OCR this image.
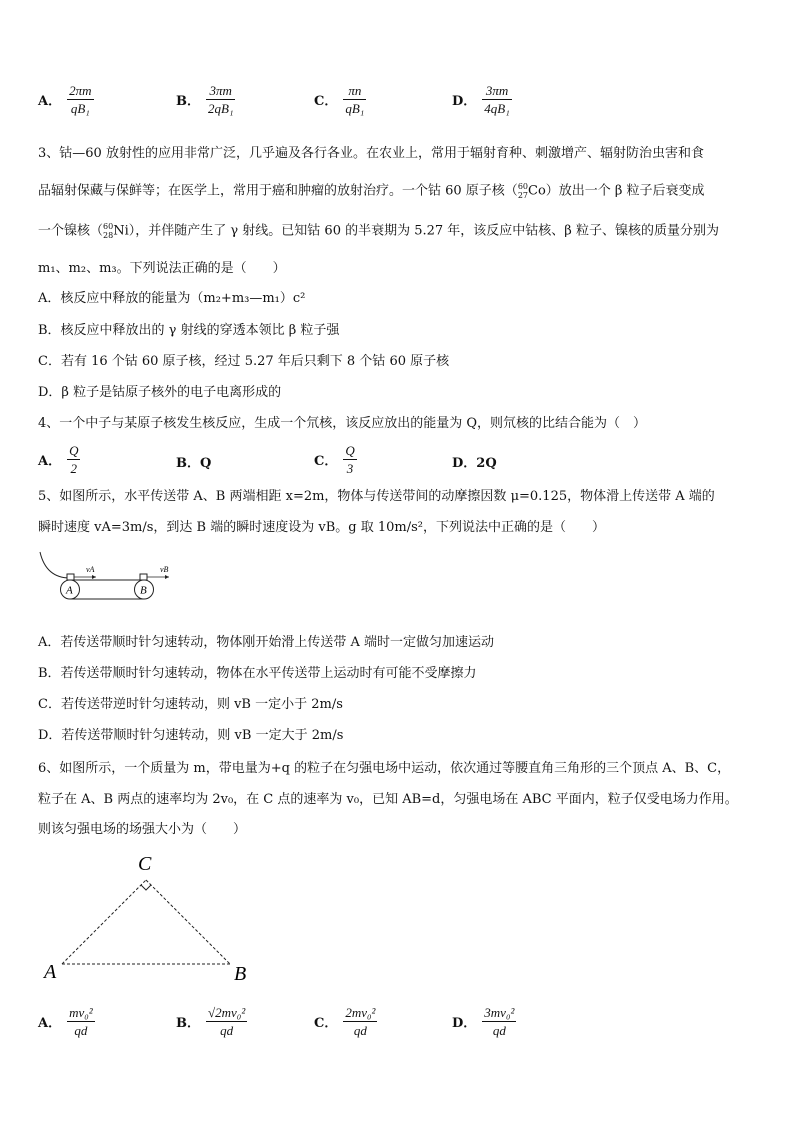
A． $\frac{2\pi m}{\text{qB₁}}$	B． $\frac{3\pi m}{\text{2qB₁}}$	C． $\frac{\pi n}{\text{qB₁}}$	D． $\frac{3\pi m}{\text{4qB₁}}$
3、钴—60 放射性的应用非常广泛，几乎遍及各行各业。在农业上，常用于辐射育种、刺激增产、辐射防治虫害和食
品辐射保藏与保鲜等；在医学上，常用于癌和肿瘤的放射治疗。一个钴 60 原子核（ 60
27 Co）放出一个 β 粒子后衰变成
一个镍核（ 60
28 Ni），并伴随产生了 γ 射线。已知钴 60 的半衰期为 5.27 年，该反应中钴核、β 粒子、镍核的质量分别为
m₁、m₂、m₃。下列说法正确的是（　　）
A．核反应中释放的能量为（m₂+m₃—m₁）c²
B．核反应中释放出的 γ 射线的穿透本领比 β 粒子强
C．若有 16 个钴 60 原子核，经过 5.27 年后只剩下 8 个钴 60 原子核
D．β 粒子是钴原子核外的电子电离形成的
4、一个中子与某原子核发生核反应，生成一个氘核，该反应放出的能量为 Q，则氘核的比结合能为（　）
A． $\frac{Q}{2}$	B．Q	C． $\frac{Q}{3}$	D．2Q
5、如图所示，水平传送带 A、B 两端相距 x=2m，物体与传送带间的动摩擦因数 μ=0.125，物体滑上传送带 A 端的
瞬时速度 vA=3m/s，到达 B 端的瞬时速度设为 vB。g 取 10m/s²，下列说法中正确的是（　　）
A	B
vA	vB
A．若传送带顺时针匀速转动，物体刚开始滑上传送带 A 端时一定做匀加速运动
B．若传送带顺时针匀速转动，物体在水平传送带上运动时有可能不受摩擦力
C．若传送带逆时针匀速转动，则 vB 一定小于 2m/s
D．若传送带顺时针匀速转动，则 vB 一定大于 2m/s
6、如图所示，一个质量为 m，带电量为+q 的粒子在匀强电场中运动，依次通过等腰直角三角形的三个顶点 A、B、C，
粒子在 A、B 两点的速率均为 2v₀，在 C 点的速率为 v₀，已知 AB=d，匀强电场在 ABC 平面内，粒子仅受电场力作用。
则该匀强电场的场强大小为（　　）
C
A	B
A． $\frac{\text{mv₀²}}{qd}$	B． $\frac{\text{√2mv₀²}}{qd}$	C． $\frac{\text{2mv₀²}}{qd}$	D． $\frac{\text{3mv₀²}}{qd}$
